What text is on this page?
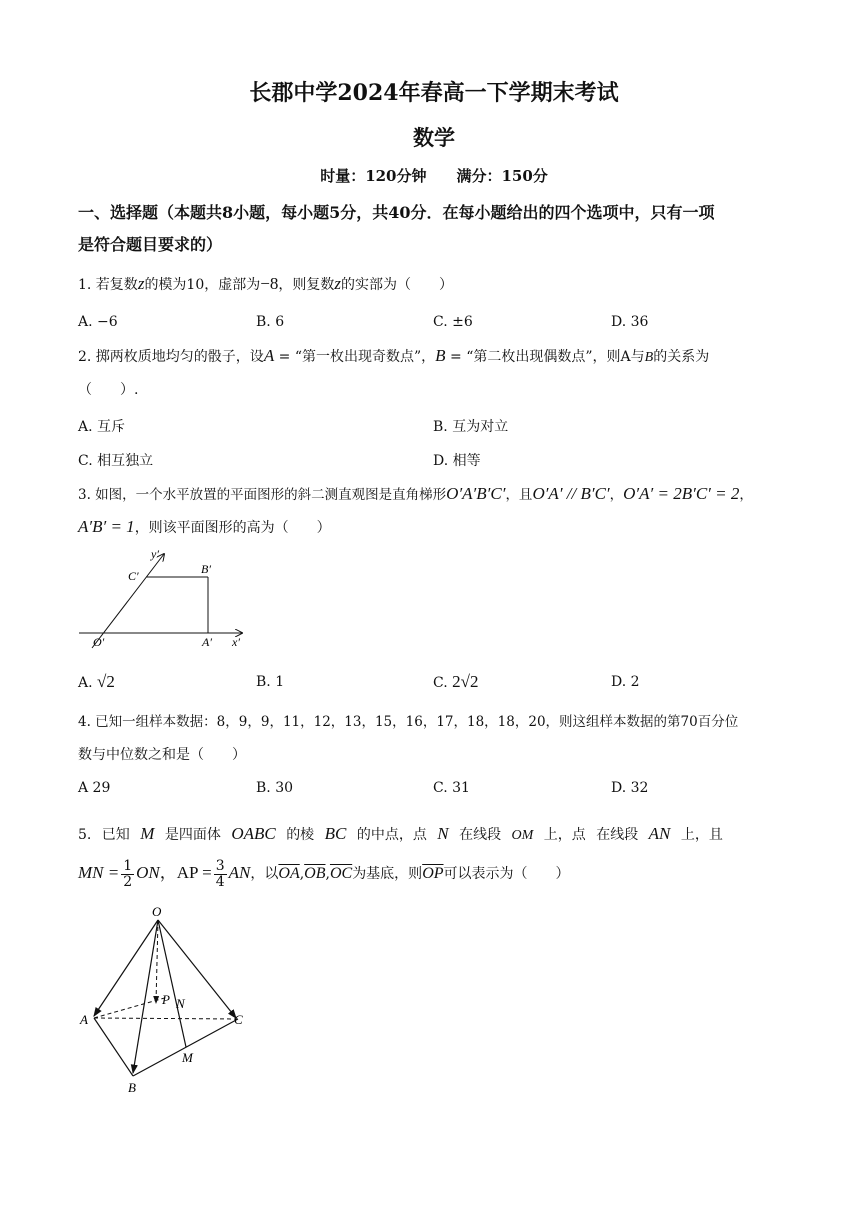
长郡中学2024年春高一下学期末考试
数学
时量：120分钟　　满分：150分
一、选择题（本题共8小题，每小题5分，共40分．在每小题给出的四个选项中，只有一项
是符合题目要求的）
1. 若复数z的模为10，虚部为−8，则复数z的实部为（　　）
A. −6	B. 6	C. ±6	D. 36
2. 掷两枚质地均匀的骰子，设A = “第一枚出现奇数点”，B = “第二枚出现偶数点”，则A与B的关系为
（　　）.
A. 互斥	B. 互为对立
C. 相互独立	D. 相等
3. 如图，一个水平放置的平面图形的斜二测直观图是直角梯形O′A′B′C′，且O′A′ // B′C′，O′A′ = 2B′C′ = 2，
A′B′ = 1，则该平面图形的高为（　　）
y′
C′	B′
O′	A′ x′
A. √2	B. 1	C. 2√2	D. 2
4. 已知一组样本数据：8，9，9，11，12，13，15，16，17，18，18，20，则这组样本数据的第70百分位
数与中位数之和是（　　）
A 29	B. 30	C. 31	D. 32
5. 已知 M 是四面体 OABC 的棱 BC 的中点，点 N 在线段 OM 上，点 在线段 AN 上，且
MN = $\frac{1}{2}$ ON，AP = $\frac{3}{4}$ AN，以$\overline{OA},\overline{OB},\overline{OC}$为基底，则$\overline{OP}$可以表示为（　　）
O
A
B
C
M
N
P
